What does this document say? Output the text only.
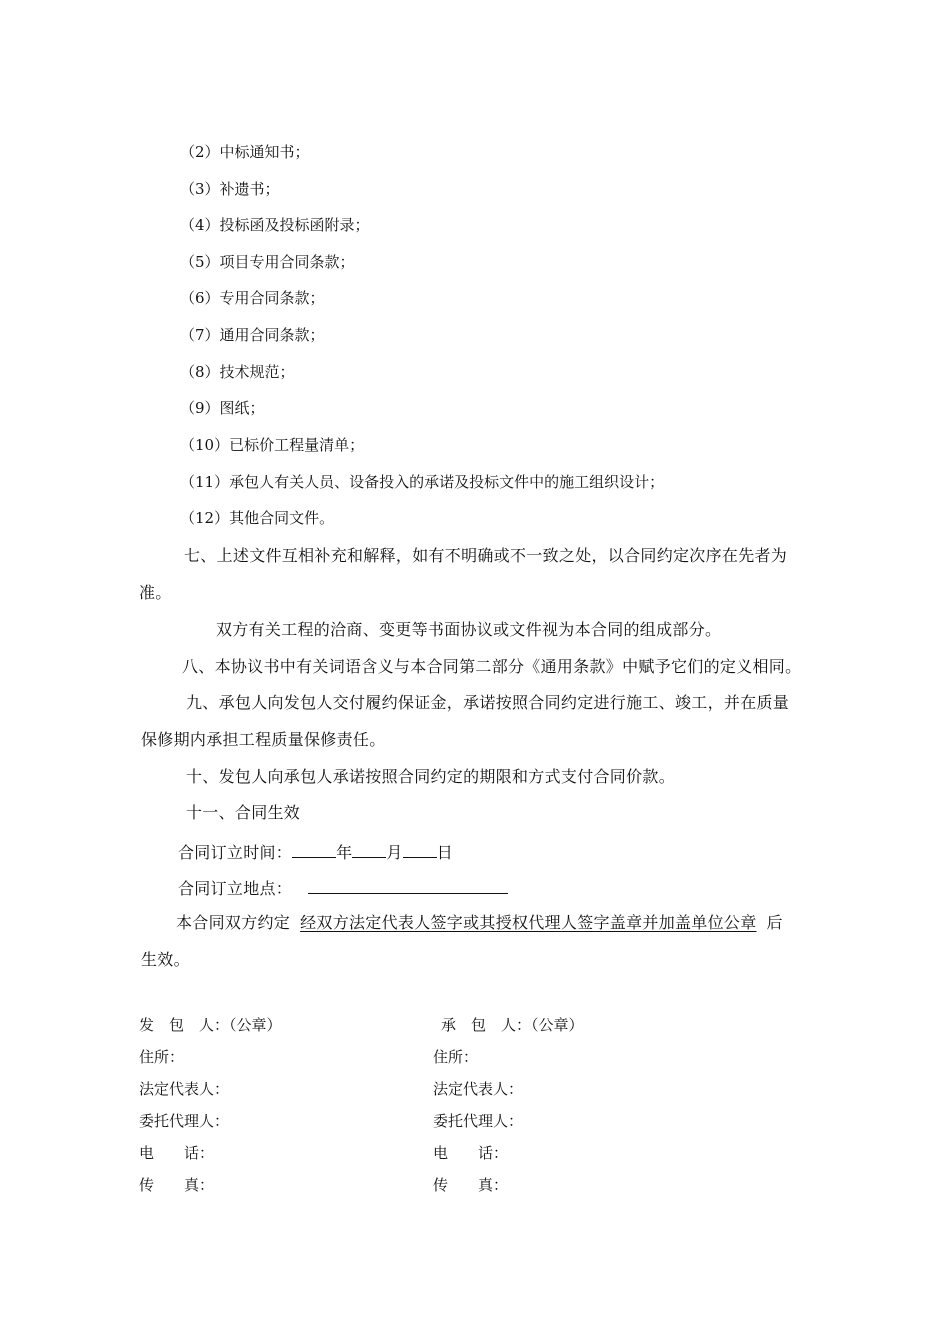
（2）中标通知书；
（3）补遗书；
（4）投标函及投标函附录；
（5）项目专用合同条款；
（6）专用合同条款；
（7）通用合同条款；
（8）技术规范；
（9）图纸；
（10）已标价工程量清单；
（11）承包人有关人员、设备投入的承诺及投标文件中的施工组织设计；
（12）其他合同文件。
七、上述文件互相补充和解释，如有不明确或不一致之处，以合同约定次序在先者为
准。
双方有关工程的洽商、变更等书面协议或文件视为本合同的组成部分。
八、本协议书中有关词语含义与本合同第二部分《通用条款》中赋予它们的定义相同。
九、承包人向发包人交付履约保证金，承诺按照合同约定进行施工、竣工，并在质量
保修期内承担工程质量保修责任。
十、发包人向承包人承诺按照合同约定的期限和方式支付合同价款。
十一、合同生效
合同订立时间：	年 月 日
合同订立地点：
本合同双方约定 经双方法定代表人签字或其授权代理人签字盖章并加盖单位公章 后
生效。
发　包　人：（公章）
住所：
法定代表人：
委托代理人：
电　　话：
传　　真：
承　包　人：（公章）
住所：
法定代表人：
委托代理人：
电　　话：
传　　真：
